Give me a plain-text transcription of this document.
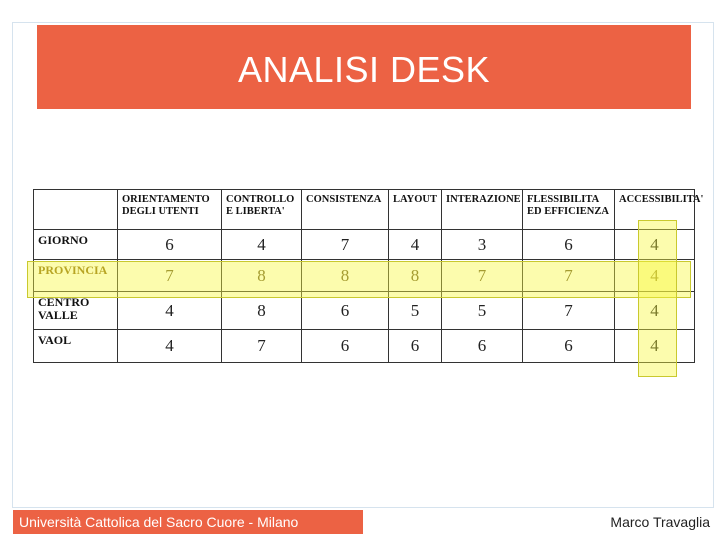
ANALISI DESK
	ORIENTAMENTO DEGLI UTENTI	CONTROLLO E LIBERTA'	CONSISTENZA	LAYOUT	INTERAZIONE	FLESSIBILITA ED EFFICIENZA	ACCESSIBILITA'
GIORNO	6	4	7	4	3	6	4
PROVINCIA	7	8	8	8	7	7	4
CENTRO VALLE	4	8	6	5	5	7	4
VAOL	4	7	6	6	6	6	4
Università Cattolica del Sacro Cuore - Milano	Marco Travaglia
